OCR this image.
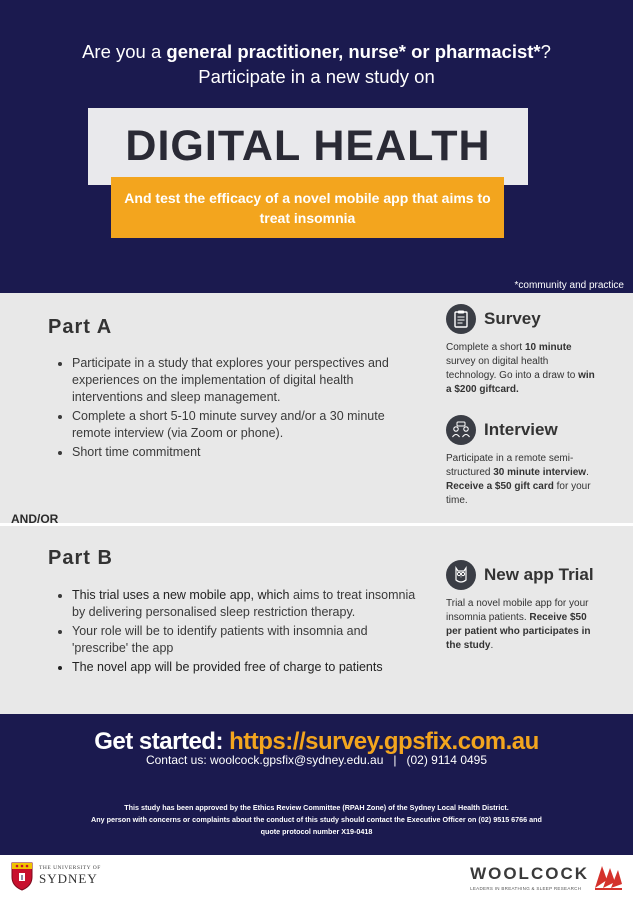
Are you a general practitioner, nurse* or pharmacist*?
Participate in a new study on
DIGITAL HEALTH
And test the efficacy of a novel mobile app that aims to treat insomnia
*community and practice
Part A
• Participate in a study that explores your perspectives and experiences on the implementation of digital health interventions and sleep management.
• Complete a short 5-10 minute survey and/or a 30 minute remote interview (via Zoom or phone).
• Short time commitment
Survey
Complete a short 10 minute survey on digital health technology. Go into a draw to win a $200 giftcard.
Interview
Participate in a remote semi-structured 30 minute interview. Receive a $50 gift card for your time.
AND/OR
Part B
• This trial uses a new mobile app, which aims to treat insomnia by delivering personalised sleep restriction therapy.
• Your role will be to identify patients with insomnia and 'prescribe' the app
• The novel app will be provided free of charge to patients
New app Trial
Trial a novel mobile app for your insomnia patients. Receive $50 per patient who participates in the study.
Get started: https://survey.gpsfix.com.au
Contact us: woolcock.gpsfix@sydney.edu.au   |   (02) 9114 0495
This study has been approved by the Ethics Review Committee (RPAH Zone) of the Sydney Local Health District.
Any person with concerns or complaints about the conduct of this study should contact the Executive Officer on (02) 9515 6766 and
quote protocol number X19-0418
THE UNIVERSITY OF
SYDNEY	WOOLCOCK
LEADERS IN BREATHING & SLEEP RESEARCH
